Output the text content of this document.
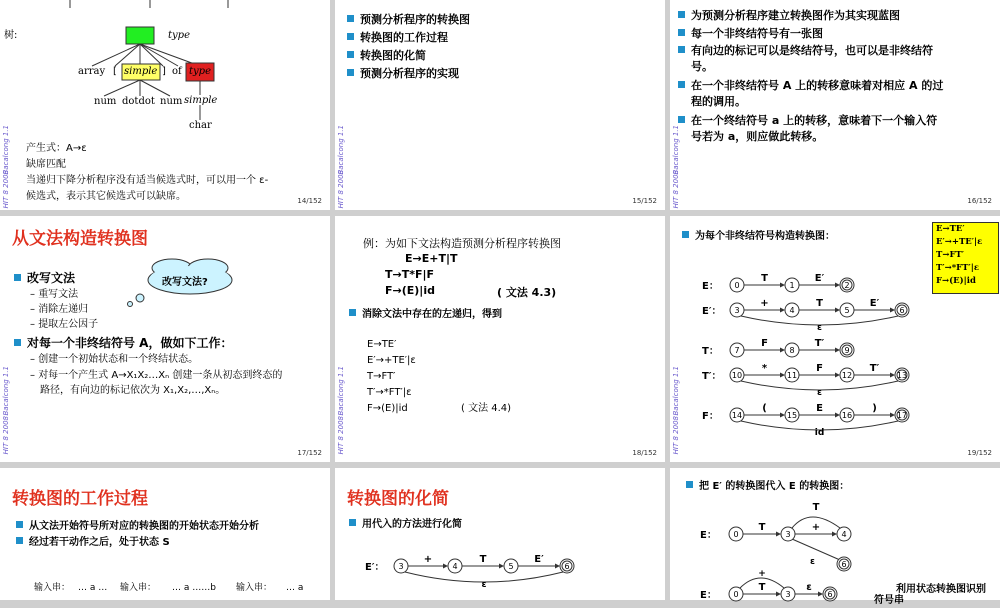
Bacalcong 1.1
HIT 8 2008
树:	type
array [ simple ] of type
num dotdot num simple
char
产生式：A→ε
缺席匹配
当递归下降分析程序没有适当候选式时，可以用一个 ε-
候选式，表示其它候选式可以缺席。	14/152
Bacalcong 1.1
HIT 8 2008
预测分析程序的转换图
转换图的工作过程
转换图的化简
预测分析程序的实现
15/152
Bacalcong 1.1
HIT 8 2008
为预测分析程序建立转换图作为其实现蓝图
每一个非终结符号有一张图
有向边的标记可以是终结符号，也可以是非终结符
号。
在一个非终结符号 A 上的转移意味着对相应 A 的过
程的调用。
在一个终结符号 a 上的转移，意味着下一个输入符
号若为 a，则应做此转移。
16/152
Bacalcong 1.1
HIT 8 2008
从文法构造转换图
改写文法?
改写文法
– 重写文法
– 消除左递归
– 提取左公因子
对每一个非终结符号 A，做如下工作：
– 创建一个初始状态和一个终结状态。
– 对每一个产生式 A→X₁X₂…Xₙ 创建一条从初态到终态的
路径，有向边的标记依次为 X₁,X₂,…,Xₙ。
17/152
Bacalcong 1.1
HIT 8 2008
例：为如下文法构造预测分析程序转换图
E→E+T|T
T→T*F|F
F→(E)|id	( 文法 4.3)
消除文法中存在的左递归，得到
E→TE′
E′→+TE′|ε
T→FT′
T′→*FT′|ε
F→(E)|id	( 文法 4.4)
18/152
Bacalcong 1.1
HIT 8 2008
为每个非终结符号构造转换图：
E→TE′
E′→+TE′|ε
T→FT′
T′→*FT′|ε
F→(E)|id
E：
T	E′
0	1	2
E′：
+	T	E′
ε
3	4	5	6
T：
F	T′
7	8	9
T′：
*	F	T′
ε
10	11	12	13
F：
(	E	)
id
14	15	16	17
19/152
转换图的工作过程
从文法开始符号所对应的转换图的开始状态开始分析
经过若干动作之后，处于状态 S
输入串： … a … 输入串： … a ……b 输入串： … a
转换图的化简
用代入的方法进行化简
E′：
+	T	E′
ε
3	4	5	6
把 E′ 的转换图代入 E 的转换图：
E：
T
T
+
ε
0	3	4
6
E：
+
T	ε
0	3	6	利用状态转换图识别
符号串
